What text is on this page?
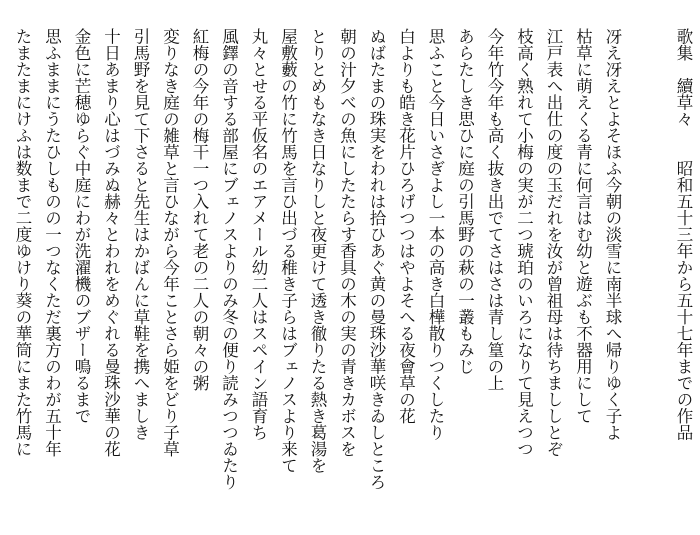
歌集　續草々昭和五十三年から五十七年までの作品
冴え冴えとよそほふ今朝の淡雪に南半球へ帰りゆく子よ
枯草に萌えくる青に何言はむ幼と遊ぶも不器用にして
江戸表へ出仕の度の玉だれを汝が曾祖母は待ちまししとぞ
枝高く熟れて小梅の実が二つ琥珀のいろになりて見えつつ
今年竹今年も高く抜き出でてさはさは青し篁の上
あらたしき思ひに庭の引馬野の萩の一叢もみじ
思ふこと今日いさぎよし一本の高き白樺散りつくしたり
白よりも皓き花片ひろげつつはやよそへる夜會草の花
ぬばたまの珠実をわれは拾ひあぐ黄の曼珠沙華咲きゐしところ
朝の汁夕べの魚にしたたらす香具の木の実の青きカボスを
とりとめもなき日なりしと夜更けて透き徹りたる熱き葛湯を
屋敷藪の竹に竹馬を言ひ出づる稚き子らはブェノスより来て
丸々とせる平仮名のエアメール幼二人はスペイン語育ち
風鐸の音する部屋にブェノスよりのみ冬の便り読みつつゐたり
紅梅の今年の梅干一つ入れて老の二人の朝々の粥
変りなき庭の雑草と言ひながら今年ことさら姫をどり子草
引馬野を見て下さると先生はかばんに草鞋を携へましき
十日あまり心はづみぬ赫々とわれをめぐれる曼珠沙華の花
金色に芒穂ゆらぐ中庭にわが洗濯機のブザー鳴るまで
思ふままにうたひしものの一つなくただ裏方のわが五十年
たまたまにけふは数まで二度ゆけり葵の華筒にまた竹馬に
